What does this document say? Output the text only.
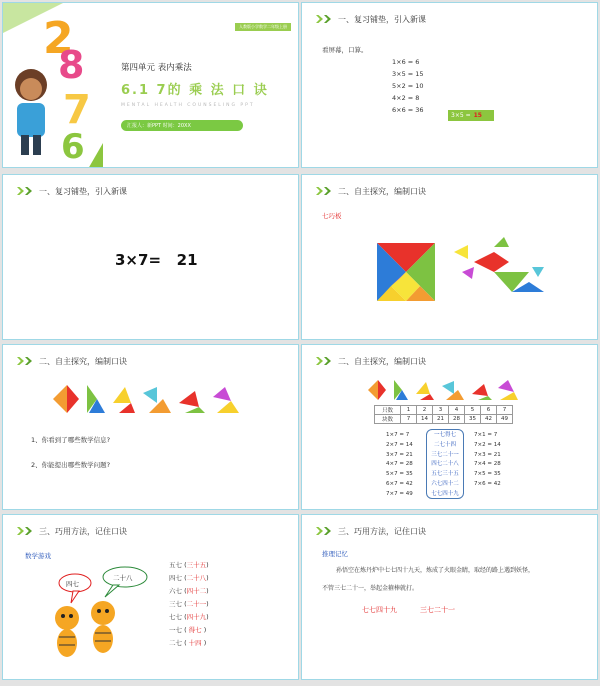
2
8
7
6
人教版小学数学二年级上册
第四单元 表内乘法
6.1 7的 乘 法 口 诀
MENTAL HEALTH COUNSELING PPT
汇报人：新PPT 时间：20XX
一、复习铺垫，引入新课
看屏幕，口算。
1×6 = 6
3×5 = 15
5×2 = 10
4×2 = 8
6×6 = 36
3×5 = 15
一、复习铺垫，引入新课
3×7=   21
二、自主探究，编制口诀
七巧板
二、自主探究，编制口诀
1、你看到了哪些数学信息?
2、你能提出哪些数学问题?
二、自主探究，编制口诀
只数	1	2	3	4	5	6	7
块数	7	14	21	28	35	42	49
1×7 = 7
2×7 = 14
3×7 = 21
4×7 = 28
5×7 = 35
6×7 = 42
7×7 = 49
一七得七
二七十四
三七二十一
四七二十八
五七三十五
六七四十二
七七四十九
7×1 = 7
7×2 = 14
7×3 = 21
7×4 = 28
7×5 = 35
7×6 = 42
三、巧用方法，记住口诀
数学游戏
四七
二十八
五七 (三十五)
四七 (二十八)
六七 (四十二)
三七 (二十一)
七七 (四十九)
一七 ( 得七 )
二七 ( 十四 )
三、巧用方法，记住口诀
推理记忆
孙悟空在炼丹炉中七七四十九天，炼成了火眼金睛，取经的路上遇到妖怪，
不管三七二十一，举起金箍棒就打。
七七四十九	三七二十一
